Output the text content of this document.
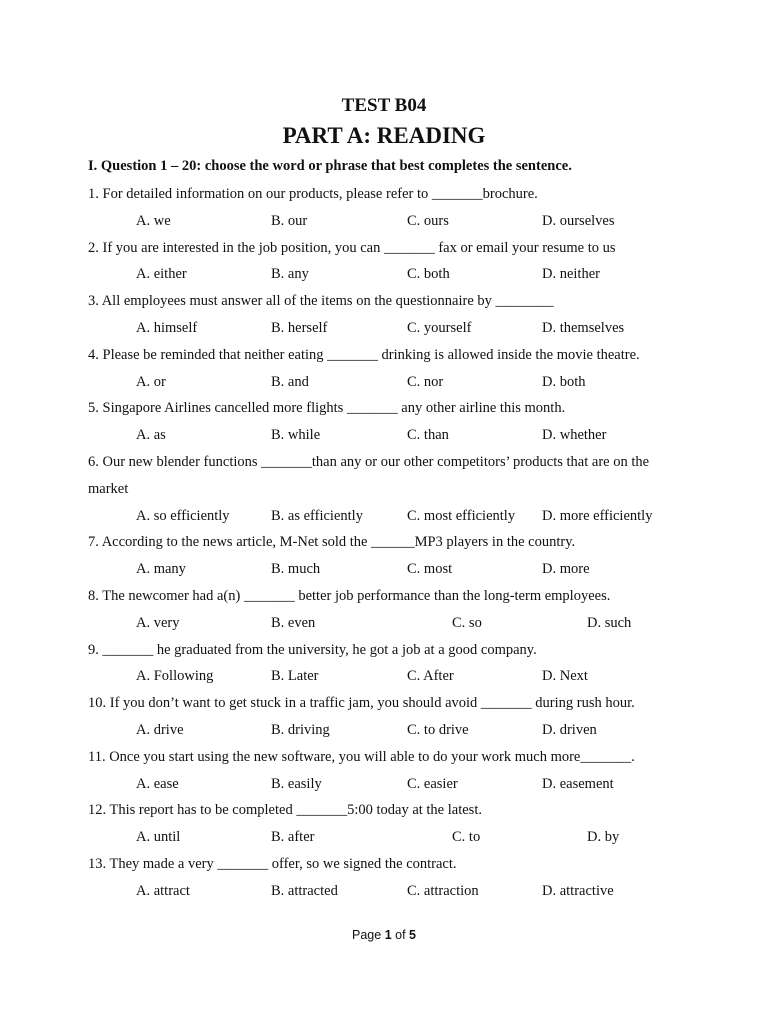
TEST B04
PART A: READING
I. Question 1 – 20: choose the word or phrase that best completes the sentence.
1. For detailed information on our products, please refer to _______brochure.
A. we	B. our	C. ours	D. ourselves
2. If you are interested in the job position, you can _______ fax or email your resume to us
A. either	B. any	C. both	D. neither
3. All employees must answer all of the items on the questionnaire by ________
A. himself	B. herself	C. yourself	D. themselves
4. Please be reminded that neither eating _______ drinking is allowed inside the movie theatre.
A. or	B. and	C. nor	D. both
5. Singapore Airlines cancelled more flights _______ any other airline this month.
A. as	B. while	C. than	D. whether
6. Our new blender functions _______than any or our other competitors’ products that are on the
market
A. so efficiently	B. as efficiently	C. most efficiently D. more efficiently
7. According to the news article, M-Net sold the ______MP3 players in the country.
A. many	B. much	C. most	D. more
8. The newcomer had a(n) _______ better job performance than the long-term employees.
A. very	B. even	C. so	D. such
9. _______ he graduated from the university, he got a job at a good company.
A. Following	B. Later	C. After	D. Next
10. If you don’t want to get stuck in a traffic jam, you should avoid _______ during rush hour.
A. drive	B. driving	C. to drive	D. driven
11. Once you start using the new software, you will able to do your work much more_______.
A. ease	B. easily	C. easier	D. easement
12. This report has to be completed _______5:00 today at the latest.
A. until	B. after	C. to	D. by
13. They made a very _______ offer, so we signed the contract.
A. attract	B. attracted	C. attraction	D. attractive
Page 1 of 5
